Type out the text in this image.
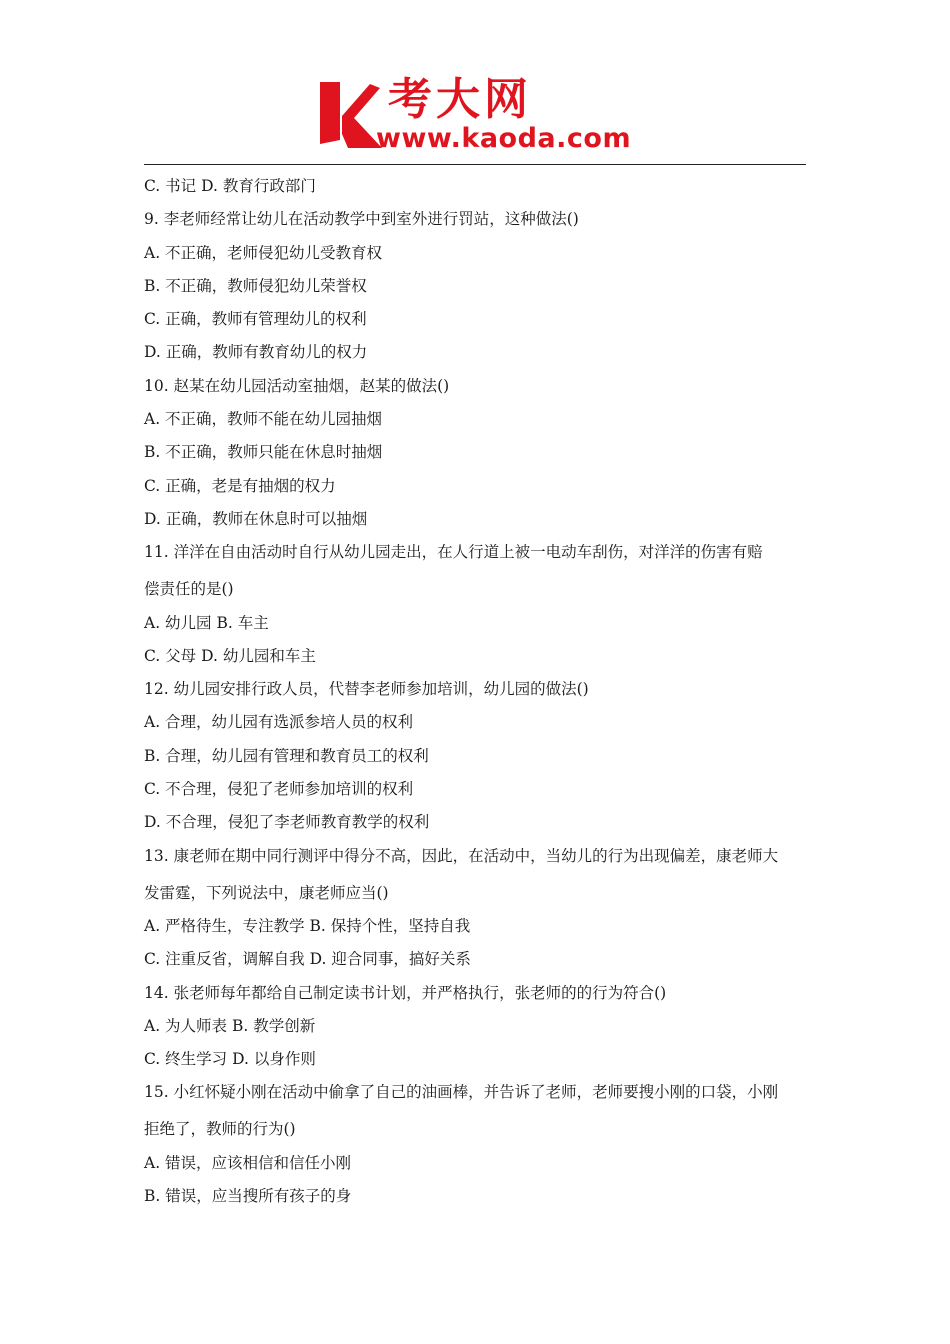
考大网
www.kaoda.com
C. 书记 D. 教育行政部门
9. 李老师经常让幼儿在活动教学中到室外进行罚站，这种做法()
A. 不正确，老师侵犯幼儿受教育权
B. 不正确，教师侵犯幼儿荣誉权
C. 正确，教师有管理幼儿的权利
D. 正确，教师有教育幼儿的权力
10. 赵某在幼儿园活动室抽烟，赵某的做法()
A. 不正确，教师不能在幼儿园抽烟
B. 不正确，教师只能在休息时抽烟
C. 正确，老是有抽烟的权力
D. 正确，教师在休息时可以抽烟
11. 洋洋在自由活动时自行从幼儿园走出，在人行道上被一电动车刮伤，对洋洋的伤害有赔
偿责任的是()
A. 幼儿园 B. 车主
C. 父母 D. 幼儿园和车主
12. 幼儿园安排行政人员，代替李老师参加培训，幼儿园的做法()
A. 合理，幼儿园有选派参培人员的权利
B. 合理，幼儿园有管理和教育员工的权利
C. 不合理，侵犯了老师参加培训的权利
D. 不合理，侵犯了李老师教育教学的权利
13. 康老师在期中同行测评中得分不高，因此，在活动中，当幼儿的行为出现偏差，康老师大
发雷霆，下列说法中，康老师应当()
A. 严格待生，专注教学 B. 保持个性，坚持自我
C. 注重反省，调解自我 D. 迎合同事，搞好关系
14. 张老师每年都给自己制定读书计划，并严格执行，张老师的的行为符合()
A. 为人师表 B. 教学创新
C. 终生学习 D. 以身作则
15. 小红怀疑小刚在活动中偷拿了自己的油画棒，并告诉了老师，老师要搜小刚的口袋，小刚
拒绝了，教师的行为()
A. 错误，应该相信和信任小刚
B. 错误，应当搜所有孩子的身
